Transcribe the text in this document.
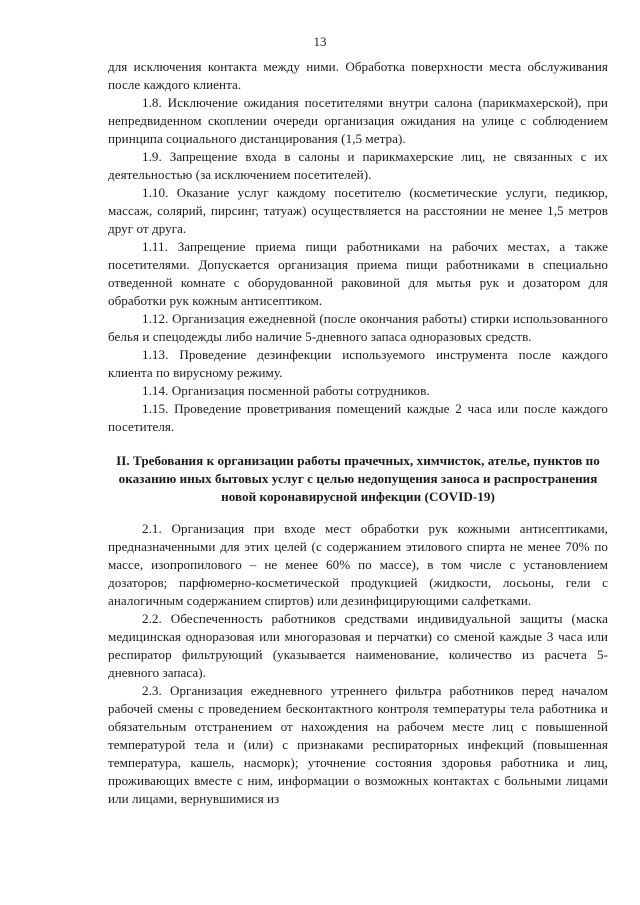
13

для исключения контакта между ними. Обработка поверхности места обслуживания после каждого клиента.

1.8. Исключение ожидания посетителями внутри салона (парикмахерской), при непредвиденном скоплении очереди организация ожидания на улице с соблюдением принципа социального дистанцирования (1,5 метра).

1.9. Запрещение входа в салоны и парикмахерские лиц, не связанных с их деятельностью (за исключением посетителей).

1.10. Оказание услуг каждому посетителю (косметические услуги, педикюр, массаж, солярий, пирсинг, татуаж) осуществляется на расстоянии не менее 1,5 метров друг от друга.

1.11. Запрещение приема пищи работниками на рабочих местах, а также посетителями. Допускается организация приема пищи работниками в специально отведенной комнате с оборудованной раковиной для мытья рук и дозатором для обработки рук кожным антисептиком.

1.12. Организация ежедневной (после окончания работы) стирки использованного белья и спецодежды либо наличие 5-дневного запаса одноразовых средств.

1.13. Проведение дезинфекции используемого инструмента после каждого клиента по вирусному режиму.

1.14. Организация посменной работы сотрудников.

1.15. Проведение проветривания помещений каждые 2 часа или после каждого посетителя.

II. Требования к организации работы прачечных, химчисток, ателье, пунктов по оказанию иных бытовых услуг с целью недопущения заноса и распространения новой коронавирусной инфекции (COVID-19)

2.1. Организация при входе мест обработки рук кожными антисептиками, предназначенными для этих целей (с содержанием этилового спирта не менее 70% по массе, изопропилового – не менее 60% по массе), в том числе с установлением дозаторов; парфюмерно-косметической продукцией (жидкости, лосьоны, гели с аналогичным содержанием спиртов) или дезинфицирующими салфетками.

2.2. Обеспеченность работников средствами индивидуальной защиты (маска медицинская одноразовая или многоразовая и перчатки) со сменой каждые 3 часа или респиратор фильтрующий (указывается наименование, количество из расчета 5-дневного запаса).

2.3. Организация ежедневного утреннего фильтра работников перед началом рабочей смены с проведением бесконтактного контроля температуры тела работника и обязательным отстранением от нахождения на рабочем месте лиц с повышенной температурой тела и (или) с признаками респираторных инфекций (повышенная температура, кашель, насморк); уточнение состояния здоровья работника и лиц, проживающих вместе с ним, информации о возможных контактах с больными лицами или лицами, вернувшимися из
